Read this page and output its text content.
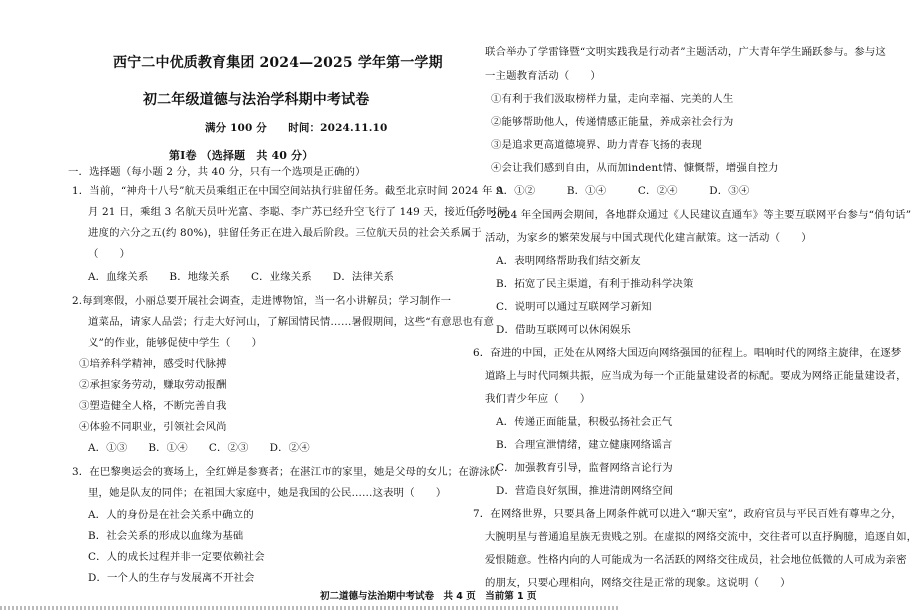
西宁二中优质教育集团 2024—2025 学年第一学期
初二年级道德与法治学科期中考试卷
满分 100 分　　时间：2024.11.10
第Ⅰ卷 （选择题　共 40 分）
一．选择题（每小题 2 分，共 40 分，只有一个选项是正确的）
1．当前，“神舟十八号”航天员乘组正在中国空间站执行驻留任务。截至北京时间 2024 年 9
月 21 日，乘组 3 名航天员叶光富、李聪、李广苏已经升空飞行了 149 天，接近任务时间
进度的六分之五(约 80%)，驻留任务正在进入最后阶段。三位航天员的社会关系属于
（　　）
A．血缘关系　　B．地缘关系　　C．业缘关系　　D．法律关系
2.每到寒假，小丽总要开展社会调查，走进博物馆，当一名小讲解员；学习制作一
道菜品，请家人品尝；行走大好河山，了解国情民情……暑假期间，这些“有意思也有意
义”的作业，能够促使中学生（　　）
①培养科学精神，感受时代脉搏
②承担家务劳动，赚取劳动报酬
③塑造健全人格，不断完善自我
④体验不同职业，引领社会风尚
A．①③　　B．①④　　C．②③　　D．②④
3．在巴黎奥运会的赛场上，全红婵是参赛者；在湛江市的家里，她是父母的女儿；在游泳队
里，她是队友的同伴；在祖国大家庭中，她是我国的公民……这表明（　　）
A．人的身份是在社会关系中确立的
B．社会关系的形成以血缘为基础
C．人的成长过程并非一定要依赖社会
D．一个人的生存与发展离不开社会
联合举办了学雷锋暨“文明实践我是行动者”主题活动，广大青年学生踊跃参与。参与这
一主题教育活动（　　）
①有利于我们汲取榜样力量，走向幸福、完美的人生
②能够帮助他人，传递情感正能量，养成亲社会行为
③是追求更高道德境界、助力青春飞扬的表现
④会让我们感到自由，从而加indent情、慷慨帮，增强自控力
A．①②　　　B．①④　　　C．②④　　　D．③④
5．2024 年全国两会期间，各地群众通过《人民建议直通车》等主要互联网平台参与“俏句话”
活动，为家乡的繁荣发展与中国式现代化建言献策。这一活动（　　）
A．表明网络帮助我们结交新友
B．拓宽了民主渠道，有利于推动科学决策
C．说明可以通过互联网学习新知
D．借助互联网可以休闲娱乐
6．奋进的中国，正处在从网络大国迈向网络强国的征程上。唱响时代的网络主旋律，在逐梦
道路上与时代同频共振，应当成为每一个正能量建设者的标配。要成为网络正能量建设者，
我们青少年应（　　）
A．传递正面能量，积极弘扬社会正气
B．合理宣泄情绪，建立健康网络谣言
C．加强教育引导，监督网络言论行为
D．营造良好氛围，推进清朗网络空间
7．在网络世界，只要具备上网条件就可以进入“聊天室”，政府官员与平民百姓有尊卑之分，
大腕明星与普通追星族无贵贱之别。在虚拟的网络交流中，交往者可以直抒胸臆，追逐自如，
爱恨随意。性格内向的人可能成为一名活跃的网络交往成员，社会地位低微的人可成为亲密
的朋友，只要心理相向，网络交往是正常的现象。这说明（　　）
初二道德与法治期中考试卷　共 4 页　当前第 1 页
